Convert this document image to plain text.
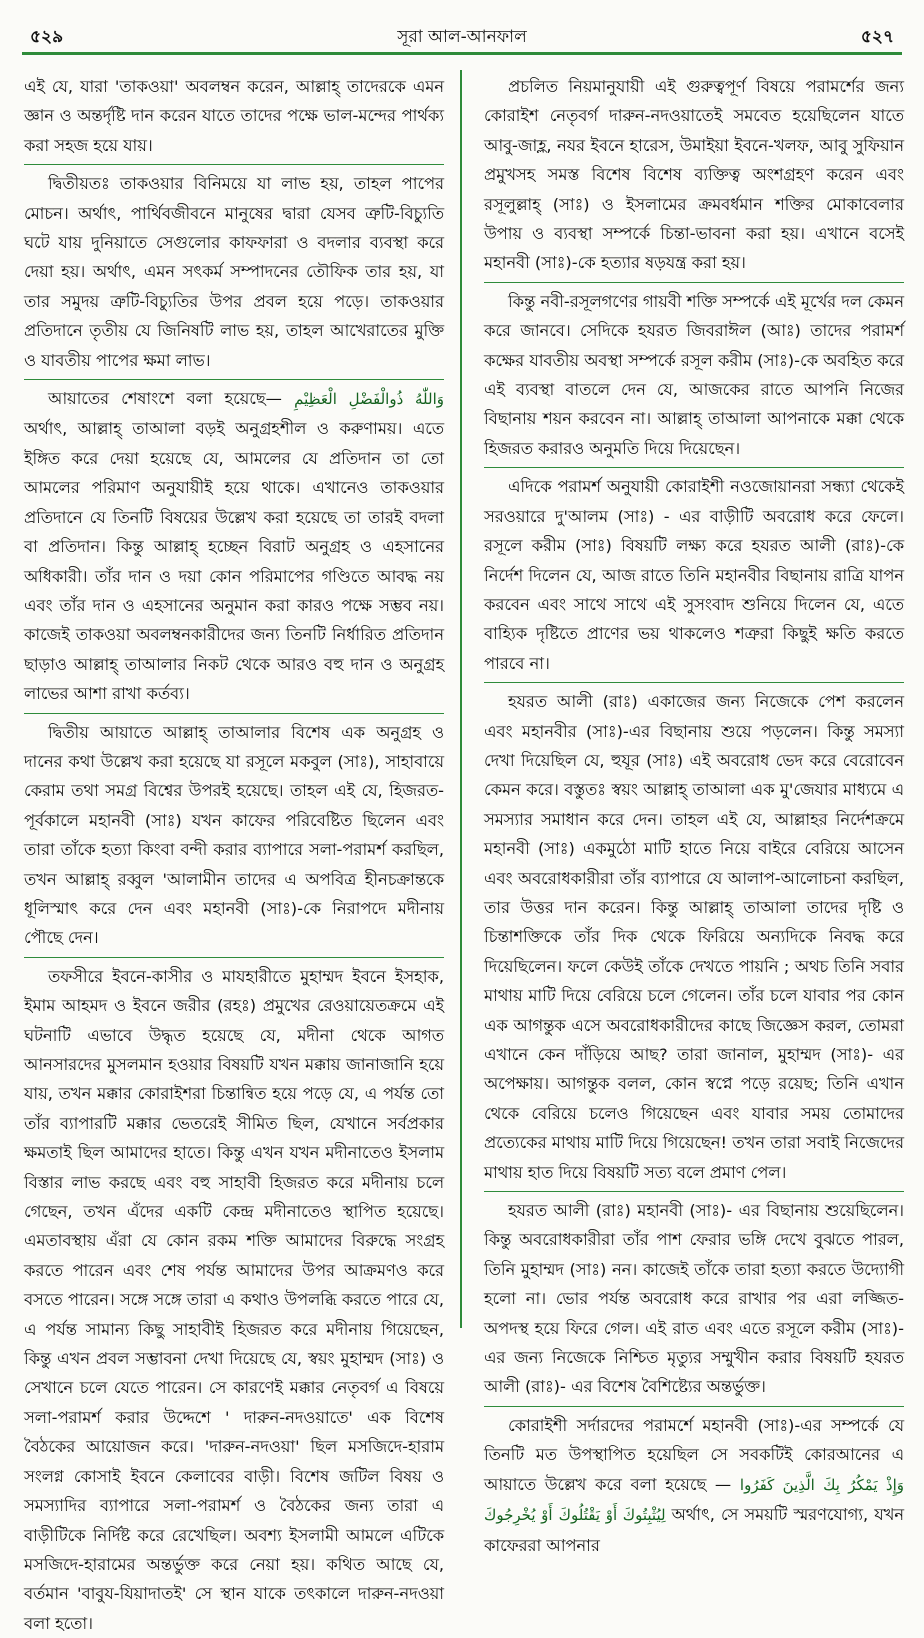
৫২৯	সূরা আল-আনফাল	৫২৭

এই যে, যারা 'তাকওয়া' অবলম্বন করেন, আল্লাহ্ তাদেরকে এমন জ্ঞান ও অন্তর্দৃষ্টি দান করেন যাতে তাদের পক্ষে ভাল-মন্দের পার্থক্য করা সহজ হয়ে যায়।

দ্বিতীয়তঃ তাকওয়ার বিনিময়ে যা লাভ হয়, তাহল পাপের মোচন। অর্থাৎ, পার্থিবজীবনে মানুষের দ্বারা যেসব ত্রুটি-বিচ্যুতি ঘটে যায় দুনিয়াতে সেগুলোর কাফফারা ও বদলার ব্যবস্থা করে দেয়া হয়। অর্থাৎ, এমন সৎকর্ম সম্পাদনের তৌফিক তার হয়, যা তার সমুদয় ত্রুটি-বিচ্যুতির উপর প্রবল হয়ে পড়ে। তাকওয়ার প্রতিদানে তৃতীয় যে জিনিষটি লাভ হয়, তাহল আখেরাতের মুক্তি ও যাবতীয় পাপের ক্ষমা লাভ।

আয়াতের শেষাংশে বলা হয়েছে— وَاللّٰهُ ذُوالْفَضْلِ الْعَظِيْمِ অর্থাৎ, আল্লাহ্ তাআলা বড়ই অনুগ্রহশীল ও করুণাময়। এতে ইঙ্গিত করে দেয়া হয়েছে যে, আমলের যে প্রতিদান তা তো আমলের পরিমাণ অনুযায়ীই হয়ে থাকে। এখানেও তাকওয়ার প্রতিদানে যে তিনটি বিষয়ের উল্লেখ করা হয়েছে তা তারই বদলা বা প্রতিদান। কিন্তু আল্লাহ্ হচ্ছেন বিরাট অনুগ্রহ ও এহসানের অধিকারী। তাঁর দান ও দয়া কোন পরিমাপের গণ্ডিতে আবদ্ধ নয় এবং তাঁর দান ও এহসানের অনুমান করা কারও পক্ষে সম্ভব নয়। কাজেই তাকওয়া অবলম্বনকারীদের জন্য তিনটি নির্ধারিত প্রতিদান ছাড়াও আল্লাহ্ তাআলার নিকট থেকে আরও বহু দান ও অনুগ্রহ লাভের আশা রাখা কর্তব্য।

দ্বিতীয় আয়াতে আল্লাহ্ তাআলার বিশেষ এক অনুগ্রহ ও দানের কথা উল্লেখ করা হয়েছে যা রসূলে মকবুল (সাঃ), সাহাবায়ে কেরাম তথা সমগ্র বিশ্বের উপরই হয়েছে। তাহল এই যে, হিজরত-পূর্বকালে মহানবী (সাঃ) যখন কাফের পরিবেষ্টিত ছিলেন এবং তারা তাঁকে হত্যা কিংবা বন্দী করার ব্যাপারে সলা-পরামর্শ করছিল, তখন আল্লাহ্ রব্বুল 'আলামীন তাদের এ অপবিত্র হীনচক্রান্তকে ধূলিস্মাৎ করে দেন এবং মহানবী (সাঃ)-কে নিরাপদে মদীনায় পৌছে দেন।

তফসীরে ইবনে-কাসীর ও মাযহারীতে মুহাম্মদ ইবনে ইসহাক, ইমাম আহমদ ও ইবনে জরীর (রহঃ) প্রমুখের রেওয়ায়েতক্রমে এই ঘটনাটি এভাবে উদ্ধৃত হয়েছে যে, মদীনা থেকে আগত আনসারদের মুসলমান হওয়ার বিষয়টি যখন মক্কায় জানাজানি হয়ে যায়, তখন মক্কার কোরাইশরা চিন্তান্বিত হয়ে পড়ে যে, এ পর্যন্ত তো তাঁর ব্যাপারটি মক্কার ভেতরেই সীমিত ছিল, যেখানে সর্বপ্রকার ক্ষমতাই ছিল আমাদের হাতে। কিন্তু এখন যখন মদীনাতেও ইসলাম বিস্তার লাভ করছে এবং বহু সাহাবী হিজরত করে মদীনায় চলে গেছেন, তখন এঁদের একটি কেন্দ্র মদীনাতেও স্থাপিত হয়েছে। এমতাবস্থায় এঁরা যে কোন রকম শক্তি আমাদের বিরুদ্ধে সংগ্রহ করতে পারেন এবং শেষ পর্যন্ত আমাদের উপর আক্রমণও করে বসতে পারেন। সঙ্গে সঙ্গে তারা এ কথাও উপলব্ধি করতে পারে যে, এ পর্যন্ত সামান্য কিছু সাহাবীই হিজরত করে মদীনায় গিয়েছেন, কিন্তু এখন প্রবল সম্ভাবনা দেখা দিয়েছে যে, স্বয়ং মুহাম্মদ (সাঃ) ও সেখানে চলে যেতে পারেন। সে কারণেই মক্কার নেতৃবর্গ এ বিষয়ে সলা-পরামর্শ করার উদ্দেশে ' দারুন-নদওয়াতে' এক বিশেষ বৈঠকের আয়োজন করে। 'দারুন-নদওয়া' ছিল মসজিদে-হারাম সংলগ্ন কোসাই ইবনে কেলাবের বাড়ী। বিশেষ জটিল বিষয় ও সমস্যাদির ব্যাপারে সলা-পরামর্শ ও বৈঠকের জন্য তারা এ বাড়ীটিকে নির্দিষ্ট করে রেখেছিল। অবশ্য ইসলামী আমলে এটিকে মসজিদে-হারামের অন্তর্ভুক্ত করে নেয়া হয়। কথিত আছে যে, বর্তমান 'বাবুয-যিয়াদাতই' সে স্থান যাকে তৎকালে দারুন-নদওয়া বলা হতো।

প্রচলিত নিয়মানুযায়ী এই গুরুত্বপূর্ণ বিষয়ে পরামর্শের জন্য কোরাইশ নেতৃবর্গ দারুন-নদওয়াতেই সমবেত হয়েছিলেন যাতে আবু-জাহ্ল, নযর ইবনে হারেস, উমাইয়া ইবনে-খলফ, আবু সুফিয়ান প্রমুখসহ সমস্ত বিশেষ বিশেষ ব্যক্তিত্ব অংশগ্রহণ করেন এবং রসূলুল্লাহ্ (সাঃ) ও ইসলামের ক্রমবর্ধমান শক্তির মোকাবেলার উপায় ও ব্যবস্থা সম্পর্কে চিন্তা-ভাবনা করা হয়। এখানে বসেই মহানবী (সাঃ)-কে হত্যার ষড়যন্ত্র করা হয়।

কিন্তু নবী-রসূলগণের গায়বী শক্তি সম্পর্কে এই মূর্খের দল কেমন করে জানবে। সেদিকে হযরত জিবরাঈল (আঃ) তাদের পরামর্শ কক্ষের যাবতীয় অবস্থা সম্পর্কে রসূল করীম (সাঃ)-কে অবহিত করে এই ব্যবস্থা বাতলে দেন যে, আজকের রাতে আপনি নিজের বিছানায় শয়ন করবেন না। আল্লাহ্ তাআলা আপনাকে মক্কা থেকে হিজরত করারও অনুমতি দিয়ে দিয়েছেন।

এদিকে পরামর্শ অনুযায়ী কোরাইশী নওজোয়ানরা সন্ধ্যা থেকেই সরওয়ারে দু'আলম (সাঃ) - এর বাড়ীটি অবরোধ করে ফেলে। রসূলে করীম (সাঃ) বিষয়টি লক্ষ্য করে হযরত আলী (রাঃ)-কে নির্দেশ দিলেন যে, আজ রাতে তিনি মহানবীর বিছানায় রাত্রি যাপন করবেন এবং সাথে সাথে এই সুসংবাদ শুনিয়ে দিলেন যে, এতে বাহ্যিক দৃষ্টিতে প্রাণের ভয় থাকলেও শত্রুরা কিছুই ক্ষতি করতে পারবে না।

হযরত আলী (রাঃ) একাজের জন্য নিজেকে পেশ করলেন এবং মহানবীর (সাঃ)-এর বিছানায় শুয়ে পড়লেন। কিন্তু সমস্যা দেখা দিয়েছিল যে, হুযূর (সাঃ) এই অবরোধ ভেদ করে বেরোবেন কেমন করে। বস্তুতঃ স্বয়ং আল্লাহ্ তাআলা এক মু'জেযার মাধ্যমে এ সমস্যার সমাধান করে দেন। তাহল এই যে, আল্লাহর নির্দেশক্রমে মহানবী (সাঃ) একমুঠো মাটি হাতে নিয়ে বাইরে বেরিয়ে আসেন এবং অবরোধকারীরা তাঁর ব্যাপারে যে আলাপ-আলোচনা করছিল, তার উত্তর দান করেন। কিন্তু আল্লাহ্ তাআলা তাদের দৃষ্টি ও চিন্তাশক্তিকে তাঁর দিক থেকে ফিরিয়ে অন্যদিকে নিবদ্ধ করে দিয়েছিলেন। ফলে কেউই তাঁকে দেখতে পায়নি ; অথচ তিনি সবার মাথায় মাটি দিয়ে বেরিয়ে চলে গেলেন। তাঁর চলে যাবার পর কোন এক আগন্তুক এসে অবরোধকারীদের কাছে জিজ্ঞেস করল, তোমরা এখানে কেন দাঁড়িয়ে আছ? তারা জানাল, মুহাম্মদ (সাঃ)- এর অপেক্ষায়। আগন্তুক বলল, কোন স্বপ্নে পড়ে রয়েছ; তিনি এখান থেকে বেরিয়ে চলেও গিয়েছেন এবং যাবার সময় তোমাদের প্রত্যেকের মাথায় মাটি দিয়ে গিয়েছেন! তখন তারা সবাই নিজেদের মাথায় হাত দিয়ে বিষয়টি সত্য বলে প্রমাণ পেল।

হযরত আলী (রাঃ) মহানবী (সাঃ)- এর বিছানায় শুয়েছিলেন। কিন্তু অবরোধকারীরা তাঁর পাশ ফেরার ভঙ্গি দেখে বুঝতে পারল, তিনি মুহাম্মদ (সাঃ) নন। কাজেই তাঁকে তারা হত্যা করতে উদ্যোগী হলো না। ভোর পর্যন্ত অবরোধ করে রাখার পর এরা লজ্জিত-অপদস্থ হয়ে ফিরে গেল। এই রাত এবং এতে রসূলে করীম (সাঃ)-এর জন্য নিজেকে নিশ্চিত মৃত্যুর সম্মুখীন করার বিষয়টি হযরত আলী (রাঃ)- এর বিশেষ বৈশিষ্ট্যের অন্তর্ভুক্ত।

কোরাইশী সর্দারদের পরামর্শে মহানবী (সাঃ)-এর সম্পর্কে যে তিনটি মত উপস্থাপিত হয়েছিল সে সবকটিই কোরআনের এ আয়াতে উল্লেখ করে বলা হয়েছে — وَإِذْ يَمْكُرُ بِكَ الَّذِينَ كَفَرُوا لِيُثْبِتُوكَ أَوْ يَقْتُلُوكَ أَوْ يُخْرِجُوكَ	অর্থাৎ, সে সময়টি স্মরণযোগ্য, যখন কাফেররা আপনার
